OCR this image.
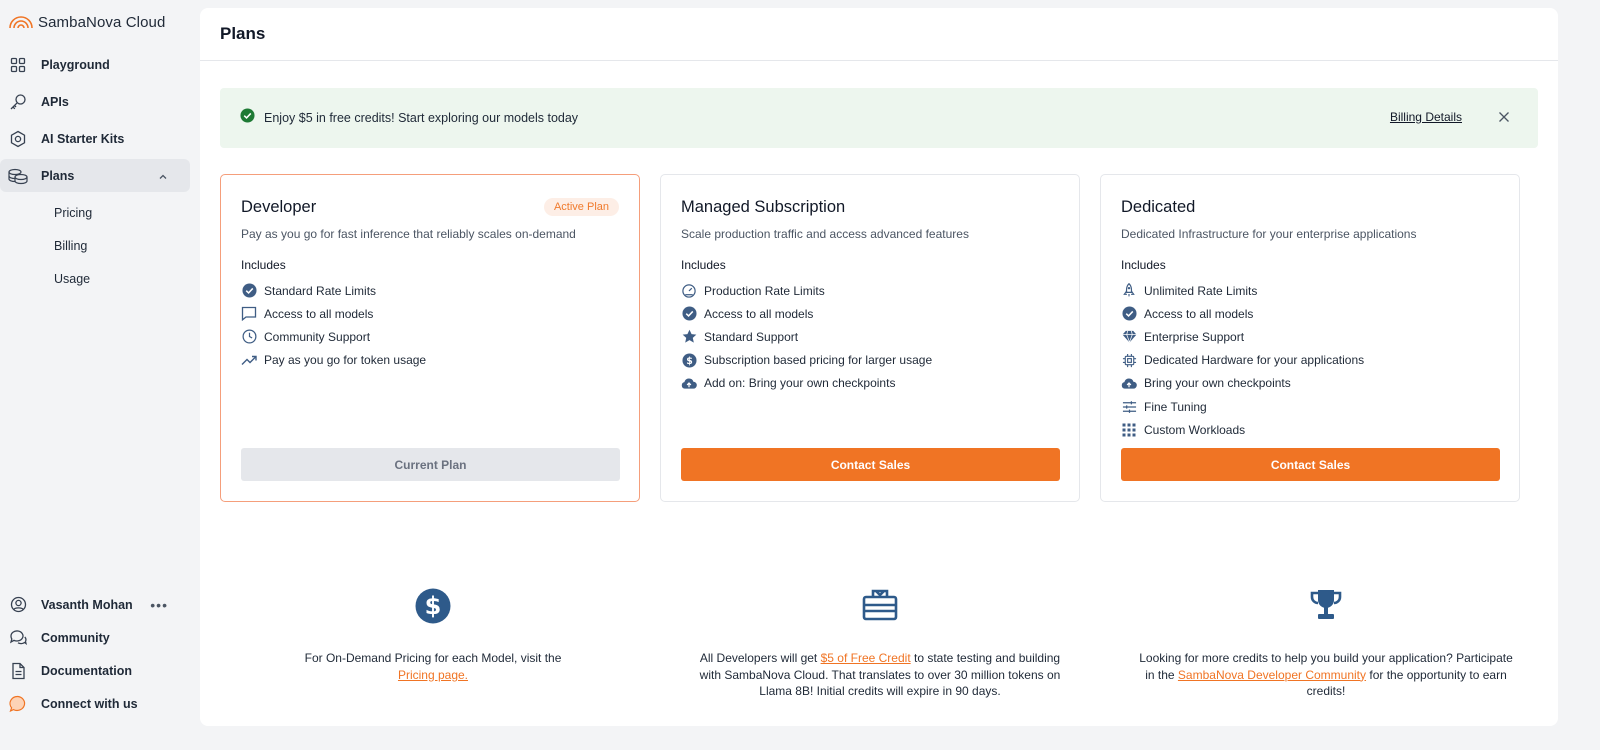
SambaNova Cloud
Playground
APIs
AI Starter Kits
Plans
Pricing
Billing
Usage
Vasanth Mohan •••
Community
Documentation
Connect with us
Plans
Enjoy $5 in free credits! Start exploring our models today	Billing Details
Developer	Active Plan
Pay as you go for fast inference that reliably scales on-demand
Includes
Standard Rate Limits
Access to all models
Community Support
Pay as you go for token usage
Current Plan
Managed Subscription
Scale production traffic and access advanced features
Includes
Production Rate Limits
Access to all models
Standard Support
$ Subscription based pricing for larger usage
Add on: Bring your own checkpoints
Contact Sales
Dedicated
Dedicated Infrastructure for your enterprise applications
Includes
Unlimited Rate Limits
Access to all models
Enterprise Support
Dedicated Hardware for your applications
Bring your own checkpoints
Fine Tuning
Custom Workloads
Contact Sales
$
For On-Demand Pricing for each Model, visit the
Pricing page.
All Developers will get $5 of Free Credit to state testing and building with SambaNova Cloud. That translates to over 30 million tokens on Llama 8B! Initial credits will expire in 90 days.
Looking for more credits to help you build your application? Participate in the SambaNova Developer Community for the opportunity to earn credits!
